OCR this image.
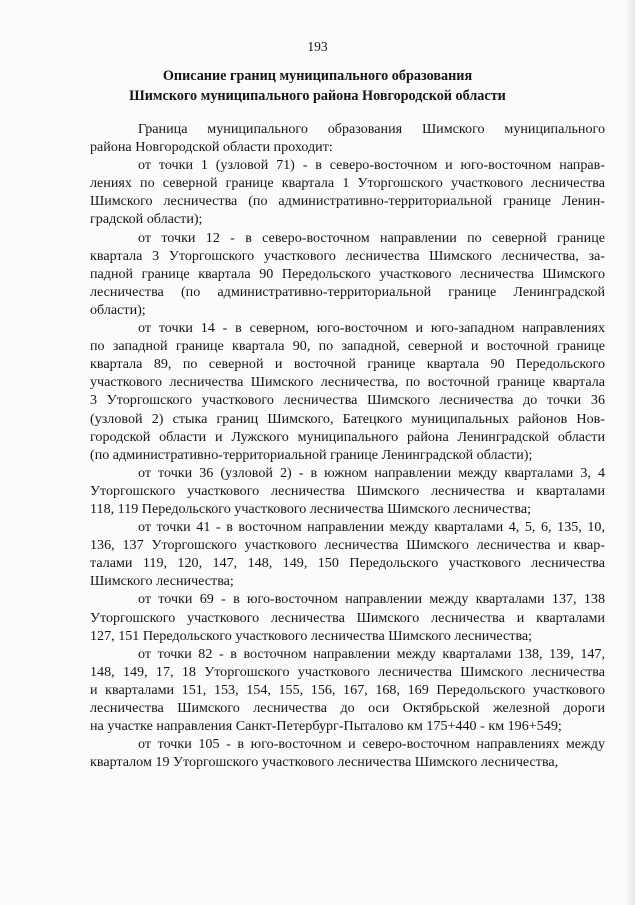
193
Описание границ муниципального образования
Шимского муниципального района Новгородской области
Граница муниципального образования Шимского муниципального
района Новгородской области проходит:
от точки 1 (узловой 71) - в северо-восточном и юго-восточном направ-
лениях по северной границе квартала 1 Уторгошского участкового лесничества
Шимского лесничества (по административно-территориальной границе Ленин-
градской области);
от точки 12 - в северо-восточном направлении по северной границе
квартала 3 Уторгошского участкового лесничества Шимского лесничества, за-
падной границе квартала 90 Передольского участкового лесничества Шимского
лесничества (по административно-территориальной границе Ленинградской
области);
от точки 14 - в северном, юго-восточном и юго-западном направлениях
по западной границе квартала 90, по западной, северной и восточной границе
квартала 89, по северной и восточной границе квартала 90 Передольского
участкового лесничества Шимского лесничества, по восточной границе квартала
3 Уторгошского участкового лесничества Шимского лесничества до точки 36
(узловой 2) стыка границ Шимского, Батецкого муниципальных районов Нов-
городской области и Лужского муниципального района Ленинградской области
(по административно-территориальной границе Ленинградской области);
от точки 36 (узловой 2) - в южном направлении между кварталами 3, 4
Уторгошского участкового лесничества Шимского лесничества и кварталами
118, 119 Передольского участкового лесничества Шимского лесничества;
от точки 41 - в восточном направлении между кварталами 4, 5, 6, 135, 10,
136, 137 Уторгошского участкового лесничества Шимского лесничества и квар-
талами 119, 120, 147, 148, 149, 150 Передольского участкового лесничества
Шимского лесничества;
от точки 69 - в юго-восточном направлении между кварталами 137, 138
Уторгошского участкового лесничества Шимского лесничества и кварталами
127, 151 Передольского участкового лесничества Шимского лесничества;
от точки 82 - в восточном направлении между кварталами 138, 139, 147,
148, 149, 17, 18 Уторгошского участкового лесничества Шимского лесничества
и кварталами 151, 153, 154, 155, 156, 167, 168, 169 Передольского участкового
лесничества Шимского лесничества до оси Октябрьской железной дороги
на участке направления Санкт-Петербург-Пыталово км 175+440 - км 196+549;
от точки 105 - в юго-восточном и северо-восточном направлениях между
кварталом 19 Уторгошского участкового лесничества Шимского лесничества,
